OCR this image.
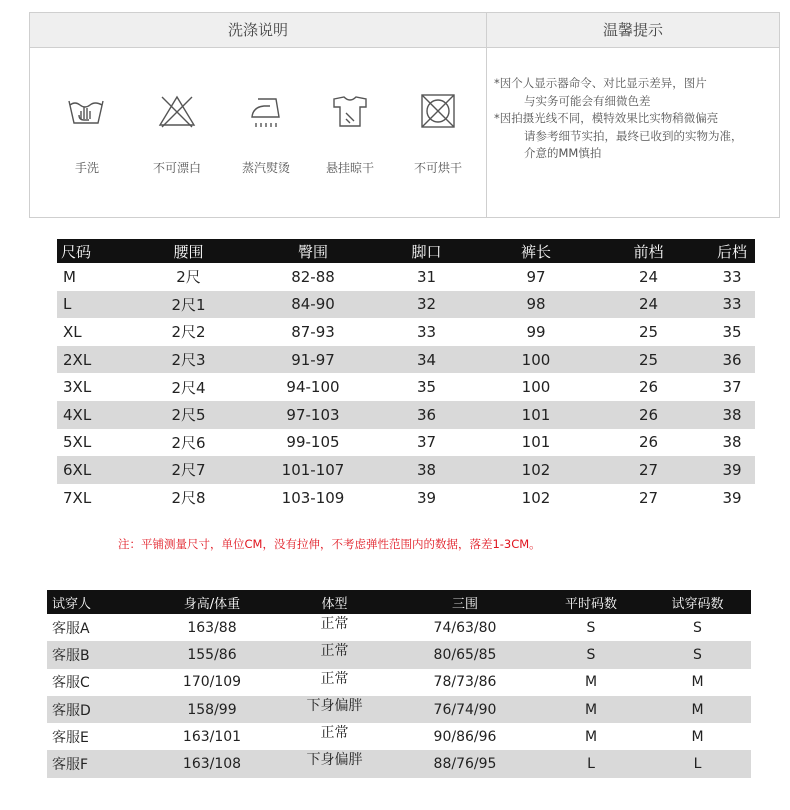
洗涤说明	温馨提示
手洗	不可漂白	蒸汽熨烫	悬挂晾干	不可烘干
*因个人显示器命令、对比显示差异，图片
与实务可能会有细微色差
*因拍摄光线不同，模特效果比实物稍微偏亮
请参考细节实拍，最终已收到的实物为准，
介意的MM慎拍
尺码	腰围	臀围	脚口	裤长	前档	后档
M	2尺	82-88	31	97	24	33
L	2尺1	84-90	32	98	24	33
XL	2尺2	87-93	33	99	25	35
2XL	2尺3	91-97	34	100	25	36
3XL	2尺4	94-100	35	100	26	37
4XL	2尺5	97-103	36	101	26	38
5XL	2尺6	99-105	37	101	26	38
6XL	2尺7	101-107	38	102	27	39
7XL	2尺8	103-109	39	102	27	39
注：平铺测量尺寸，单位CM，没有拉伸，不考虑弹性范围内的数据，落差1-3CM。
试穿人	身高/体重	体型	三围	平时码数	试穿码数
客服A	163/88	正常	74/63/80	S	S
客服B	155/86	正常	80/65/85	S	S
客服C	170/109	正常	78/73/86	M	M
客服D	158/99	下身偏胖	76/74/90	M	M
客服E	163/101	正常	90/86/96	M	M
客服F	163/108	下身偏胖	88/76/95	L	L
